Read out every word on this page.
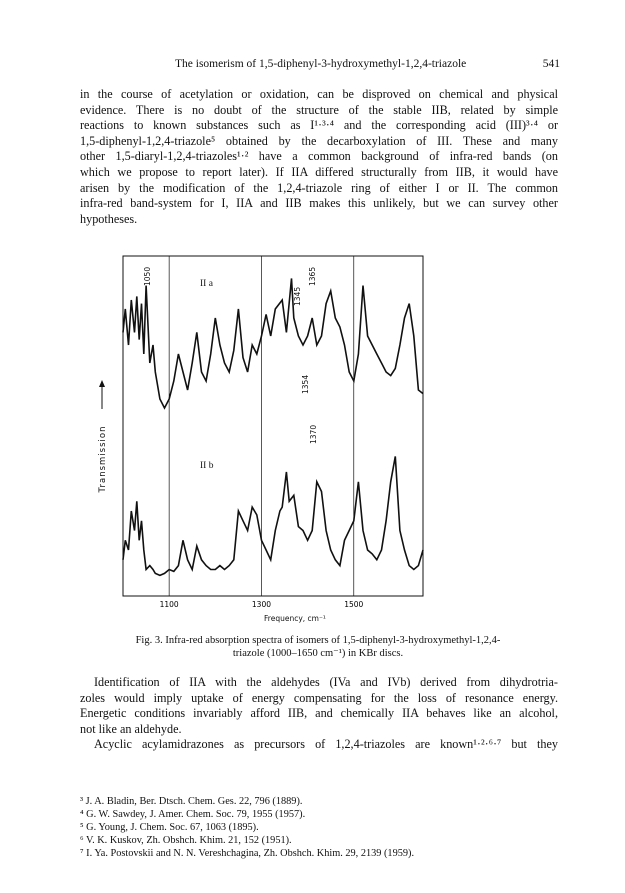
The isomerism of 1,5-diphenyl-3-hydroxymethyl-1,2,4-triazole	541
in the course of acetylation or oxidation, can be disproved on chemical and physical
evidence. There is no doubt of the structure of the stable IIB, related by simple
reactions to known substances such as I¹·³·⁴ and the corresponding acid (III)³·⁴ or
1,5-diphenyl-1,2,4-triazole⁵ obtained by the decarboxylation of III. These and many
other 1,5-diaryl-1,2,4-triazoles¹·² have a common background of infra-red bands (on
which we propose to report later). If IIA differed structurally from IIB, it would have
arisen by the modification of the 1,2,4-triazole ring of either I or II. The common
infra-red band-system for I, IIA and IIB makes this unlikely, but we can survey other
hypotheses.
Transmission
1100	1300	1500
II a
II b
1050
1345
1365
1354
1370
Frequency, cm⁻¹
Fig. 3. Infra-red absorption spectra of isomers of 1,5-diphenyl-3-hydroxymethyl-1,2,4-
triazole (1000–1650 cm⁻¹) in KBr discs.
Identification of IIA with the aldehydes (IVa and IVb) derived from dihydrotria-
zoles would imply uptake of energy compensating for the loss of resonance energy.
Energetic conditions invariably afford IIB, and chemically IIA behaves like an alcohol,
not like an aldehyde.
Acyclic acylamidrazones as precursors of 1,2,4-triazoles are known¹·²·⁶·⁷ but they
³ J. A. Bladin, Ber. Dtsch. Chem. Ges. 22, 796 (1889).
⁴ G. W. Sawdey, J. Amer. Chem. Soc. 79, 1955 (1957).
⁵ G. Young, J. Chem. Soc. 67, 1063 (1895).
⁶ V. K. Kuskov, Zh. Obshch. Khim. 21, 152 (1951).
⁷ I. Ya. Postovskii and N. N. Vereshchagina, Zh. Obshch. Khim. 29, 2139 (1959).
